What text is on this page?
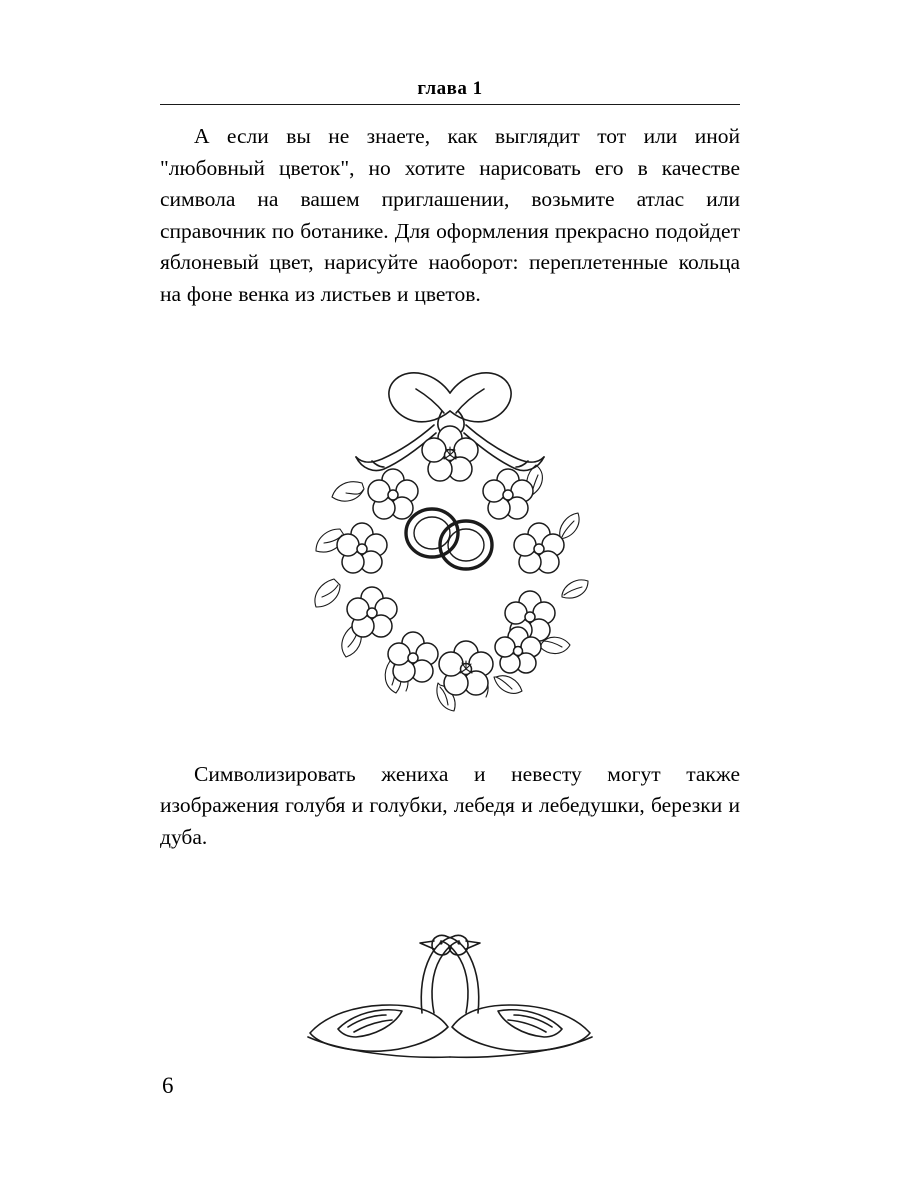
глава 1

А если вы не знаете, как выглядит тот или иной "любовный цветок", но хотите нарисовать его в качестве символа на вашем приглашении, возьмите атлас или справочник по ботанике. Для оформления прекрасно подойдет яблоневый цвет, нарисуйте наоборот: переплетенные кольца на фоне венка из листьев и цветов.

Символизировать жениха и невесту могут также изображения голубя и голубки, лебедя и лебедушки, березки и дуба.

6
